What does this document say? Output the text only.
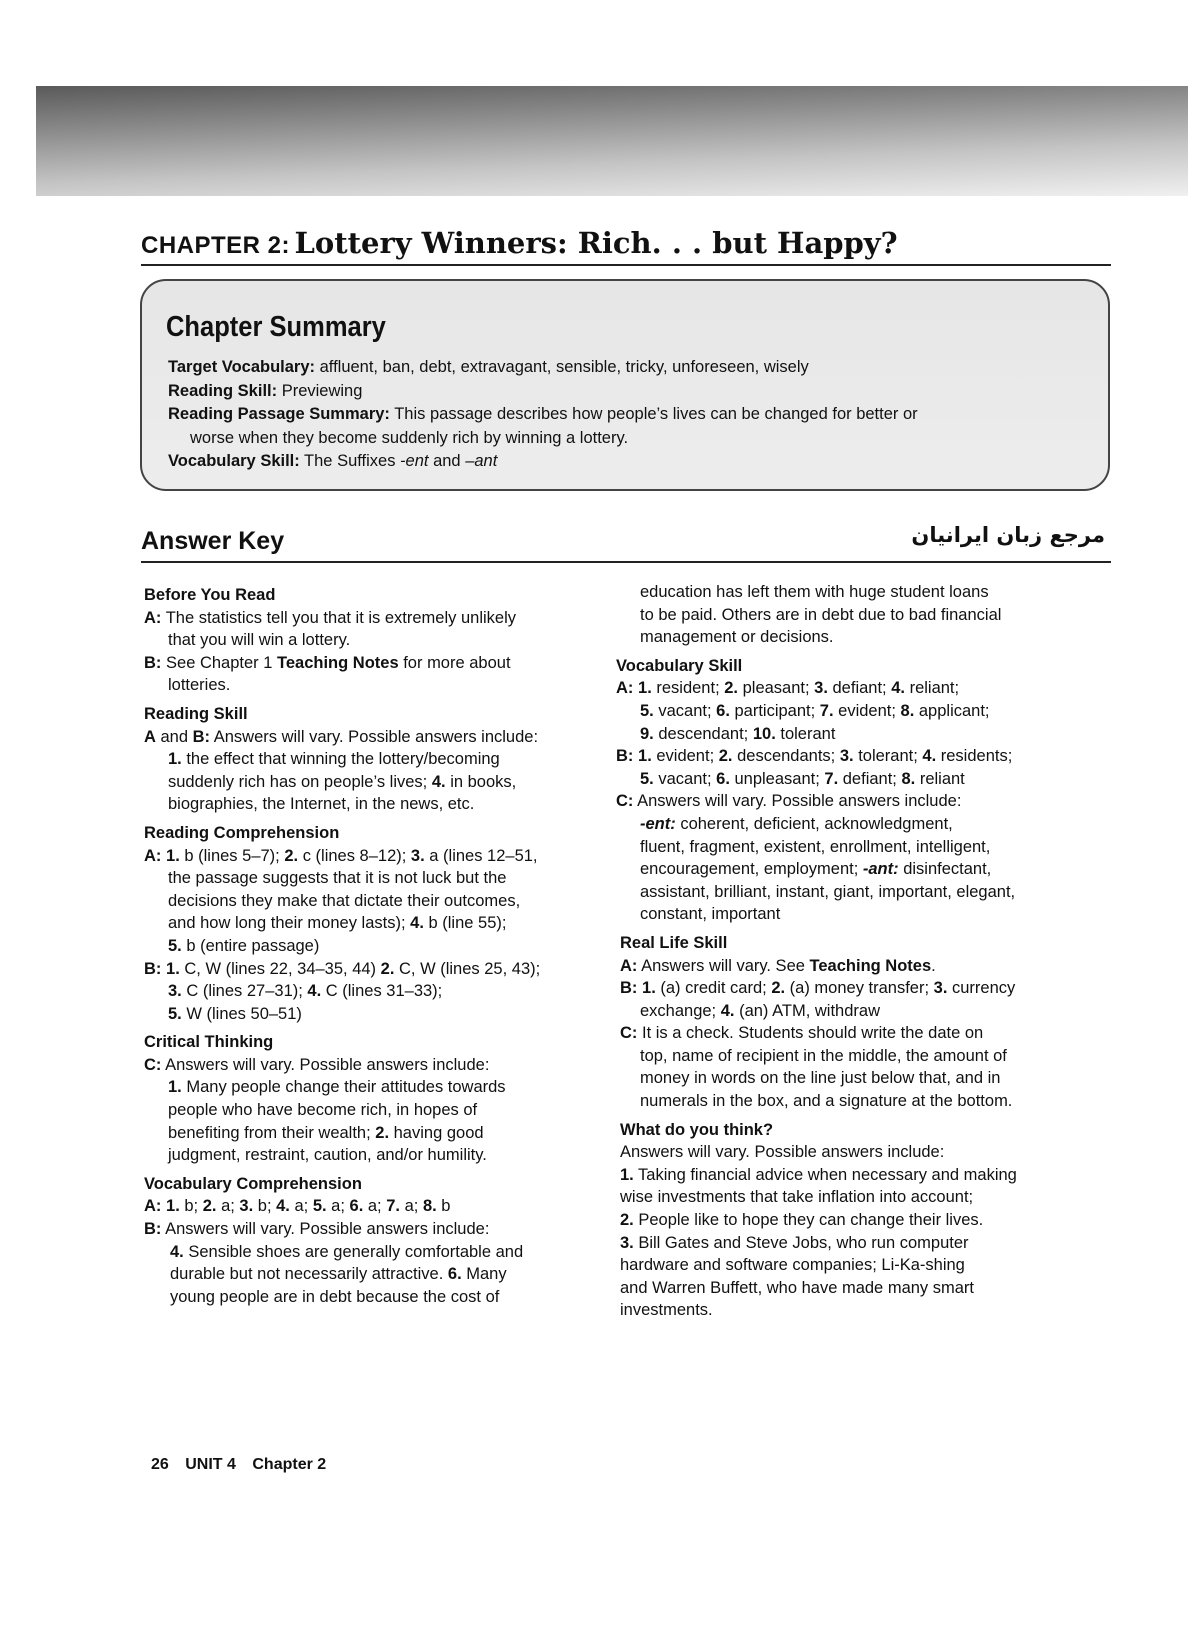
CHAPTER 2: Lottery Winners: Rich. . . but Happy?
Chapter Summary
Target Vocabulary: affluent, ban, debt, extravagant, sensible, tricky, unforeseen, wisely
Reading Skill: Previewing
Reading Passage Summary: This passage describes how people’s lives can be changed for better or
worse when they become suddenly rich by winning a lottery.
Vocabulary Skill: The Suffixes -ent and –ant
Answer Key	مرجع زبان ایرانیان
Before You Read
A: The statistics tell you that it is extremely unlikely
that you will win a lottery.
B: See Chapter 1 Teaching Notes for more about
lotteries.
Reading Skill
A and B: Answers will vary. Possible answers include:
1. the effect that winning the lottery/becoming
suddenly rich has on people’s lives; 4. in books,
biographies, the Internet, in the news, etc.
Reading Comprehension
A: 1. b (lines 5–7); 2. c (lines 8–12); 3. a (lines 12–51,
the passage suggests that it is not luck but the
decisions they make that dictate their outcomes,
and how long their money lasts); 4. b (line 55);
5. b (entire passage)
B: 1. C, W (lines 22, 34–35, 44) 2. C, W (lines 25, 43);
3. C (lines 27–31); 4. C (lines 31–33);
5. W (lines 50–51)
Critical Thinking
C: Answers will vary. Possible answers include:
1. Many people change their attitudes towards
people who have become rich, in hopes of
benefiting from their wealth; 2. having good
judgment, restraint, caution, and/or humility.
Vocabulary Comprehension
A: 1. b; 2. a; 3. b; 4. a; 5. a; 6. a; 7. a; 8. b
B: Answers will vary. Possible answers include:
4. Sensible shoes are generally comfortable and
durable but not necessarily attractive. 6. Many
young people are in debt because the cost of
education has left them with huge student loans
to be paid. Others are in debt due to bad financial
management or decisions.
Vocabulary Skill
A: 1. resident; 2. pleasant; 3. defiant; 4. reliant;
5. vacant; 6. participant; 7. evident; 8. applicant;
9. descendant; 10. tolerant
B: 1. evident; 2. descendants; 3. tolerant; 4. residents;
5. vacant; 6. unpleasant; 7. defiant; 8. reliant
C: Answers will vary. Possible answers include:
-ent: coherent, deficient, acknowledgment,
fluent, fragment, existent, enrollment, intelligent,
encouragement, employment; -ant: disinfectant,
assistant, brilliant, instant, giant, important, elegant,
constant, important
Real Life Skill
A: Answers will vary. See Teaching Notes.
B: 1. (a) credit card; 2. (a) money transfer; 3. currency
exchange; 4. (an) ATM, withdraw
C: It is a check. Students should write the date on
top, name of recipient in the middle, the amount of
money in words on the line just below that, and in
numerals in the box, and a signature at the bottom.
What do you think?
Answers will vary. Possible answers include:
1. Taking financial advice when necessary and making
wise investments that take inflation into account;
2. People like to hope they can change their lives.
3. Bill Gates and Steve Jobs, who run computer
hardware and software companies; Li-Ka-shing
and Warren Buffett, who have made many smart
investments.
26 UNIT 4 Chapter 2
